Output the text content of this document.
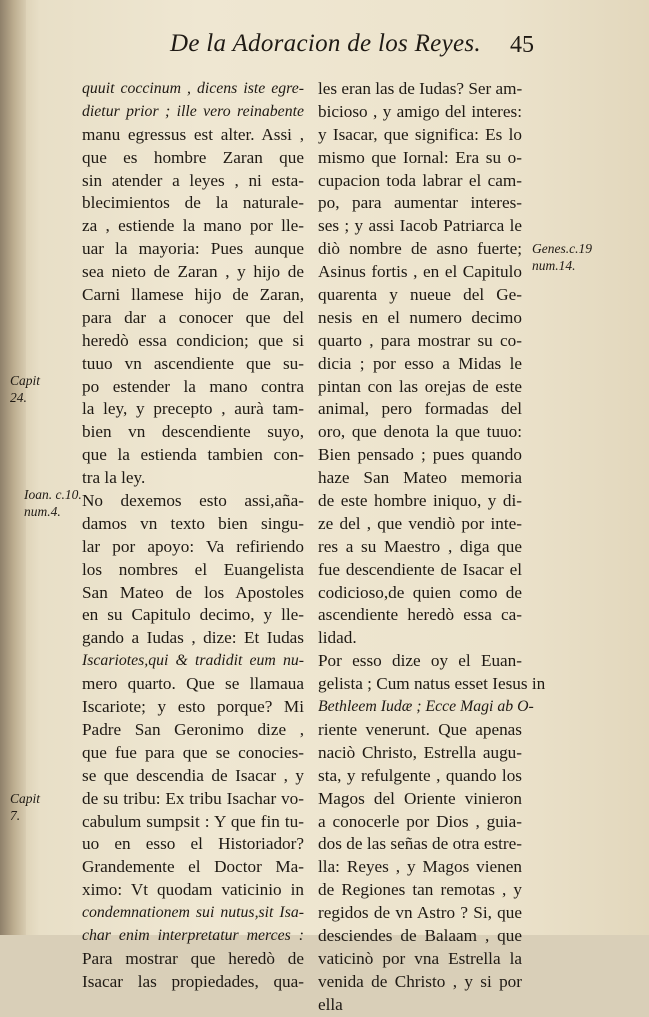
De la Adoracion de los Reyes. 45
quuit coccinum , dicens iste egre-
dietur prior ; ille vero reinabente
manu egressus est alter. Assi ,
que es hombre Zaran que
sin atender a leyes , ni esta-
blecimientos de la naturale-
za , estiende la mano por lle-
uar la mayoria: Pues aunque
sea nieto de Zaran , y hijo de
Carni llamese hijo de Zaran,
para dar a conocer que del
heredò essa condicion; que si
tuuo vn ascendiente que su-
po estender la mano contra
la ley, y precepto , aurà tam-
bien vn descendiente suyo,
que la estienda tambien con-
tra la ley.
No dexemos esto assi,aña-
damos vn texto bien singu-
lar por apoyo: Va refiriendo
los nombres el Euangelista
San Mateo de los Apostoles
en su Capitulo decimo, y lle-
gando a Iudas , dize: Et Iudas
Iscariotes,qui & tradidit eum nu-
mero quarto. Que se llamaua
Iscariote; y esto porque? Mi
Padre San Geronimo dize ,
que fue para que se conocies-
se que descendia de Isacar , y
de su tribu: Ex tribu Isachar vo-
cabulum sumpsit : Y que fin tu-
uo en esso el Historiador?
Grandemente el Doctor Ma-
ximo: Vt quodam vaticinio in
condemnationem sui nutus,sit Isa-
char enim interpretatur merces :
Para mostrar que heredò de
Isacar las propiedades, qua-
les eran las de Iudas? Ser am-
bicioso , y amigo del interes:
y Isacar, que significa: Es lo
mismo que Iornal: Era su o-
cupacion toda labrar el cam-
po, para aumentar interes-
ses ; y assi Iacob Patriarca le
diò nombre de asno fuerte;
Asinus fortis , en el Capitulo
quarenta y nueue del Ge-
nesis en el numero decimo
quarto , para mostrar su co-
dicia ; por esso a Midas le
pintan con las orejas de este
animal, pero formadas del
oro, que denota la que tuuo:
Bien pensado ; pues quando
haze San Mateo memoria
de este hombre iniquo, y di-
ze del , que vendiò por inte-
res a su Maestro , diga que
fue descendiente de Isacar el
codicioso,de quien como de
ascendiente heredò essa ca-
lidad.
Por esso dize oy el Euan-
gelista ; Cum natus esset Iesus in
Bethleem Iudæ ; Ecce Magi ab O-
riente venerunt. Que apenas
naciò Christo, Estrella augu-
sta, y refulgente , quando los
Magos del Oriente vinieron
a conocerle por Dios , guia-
dos de las señas de otra estre-
lla: Reyes , y Magos vienen
de Regiones tan remotas , y
regidos de vn Astro ? Si, que
desciendes de Balaam , que
vaticinò por vna Estrella la
venida de Christo , y si por
ella
Genes.c.19
num.14.
Ioan. c.10.
num.4.
Capit
24.
Capit
7.
